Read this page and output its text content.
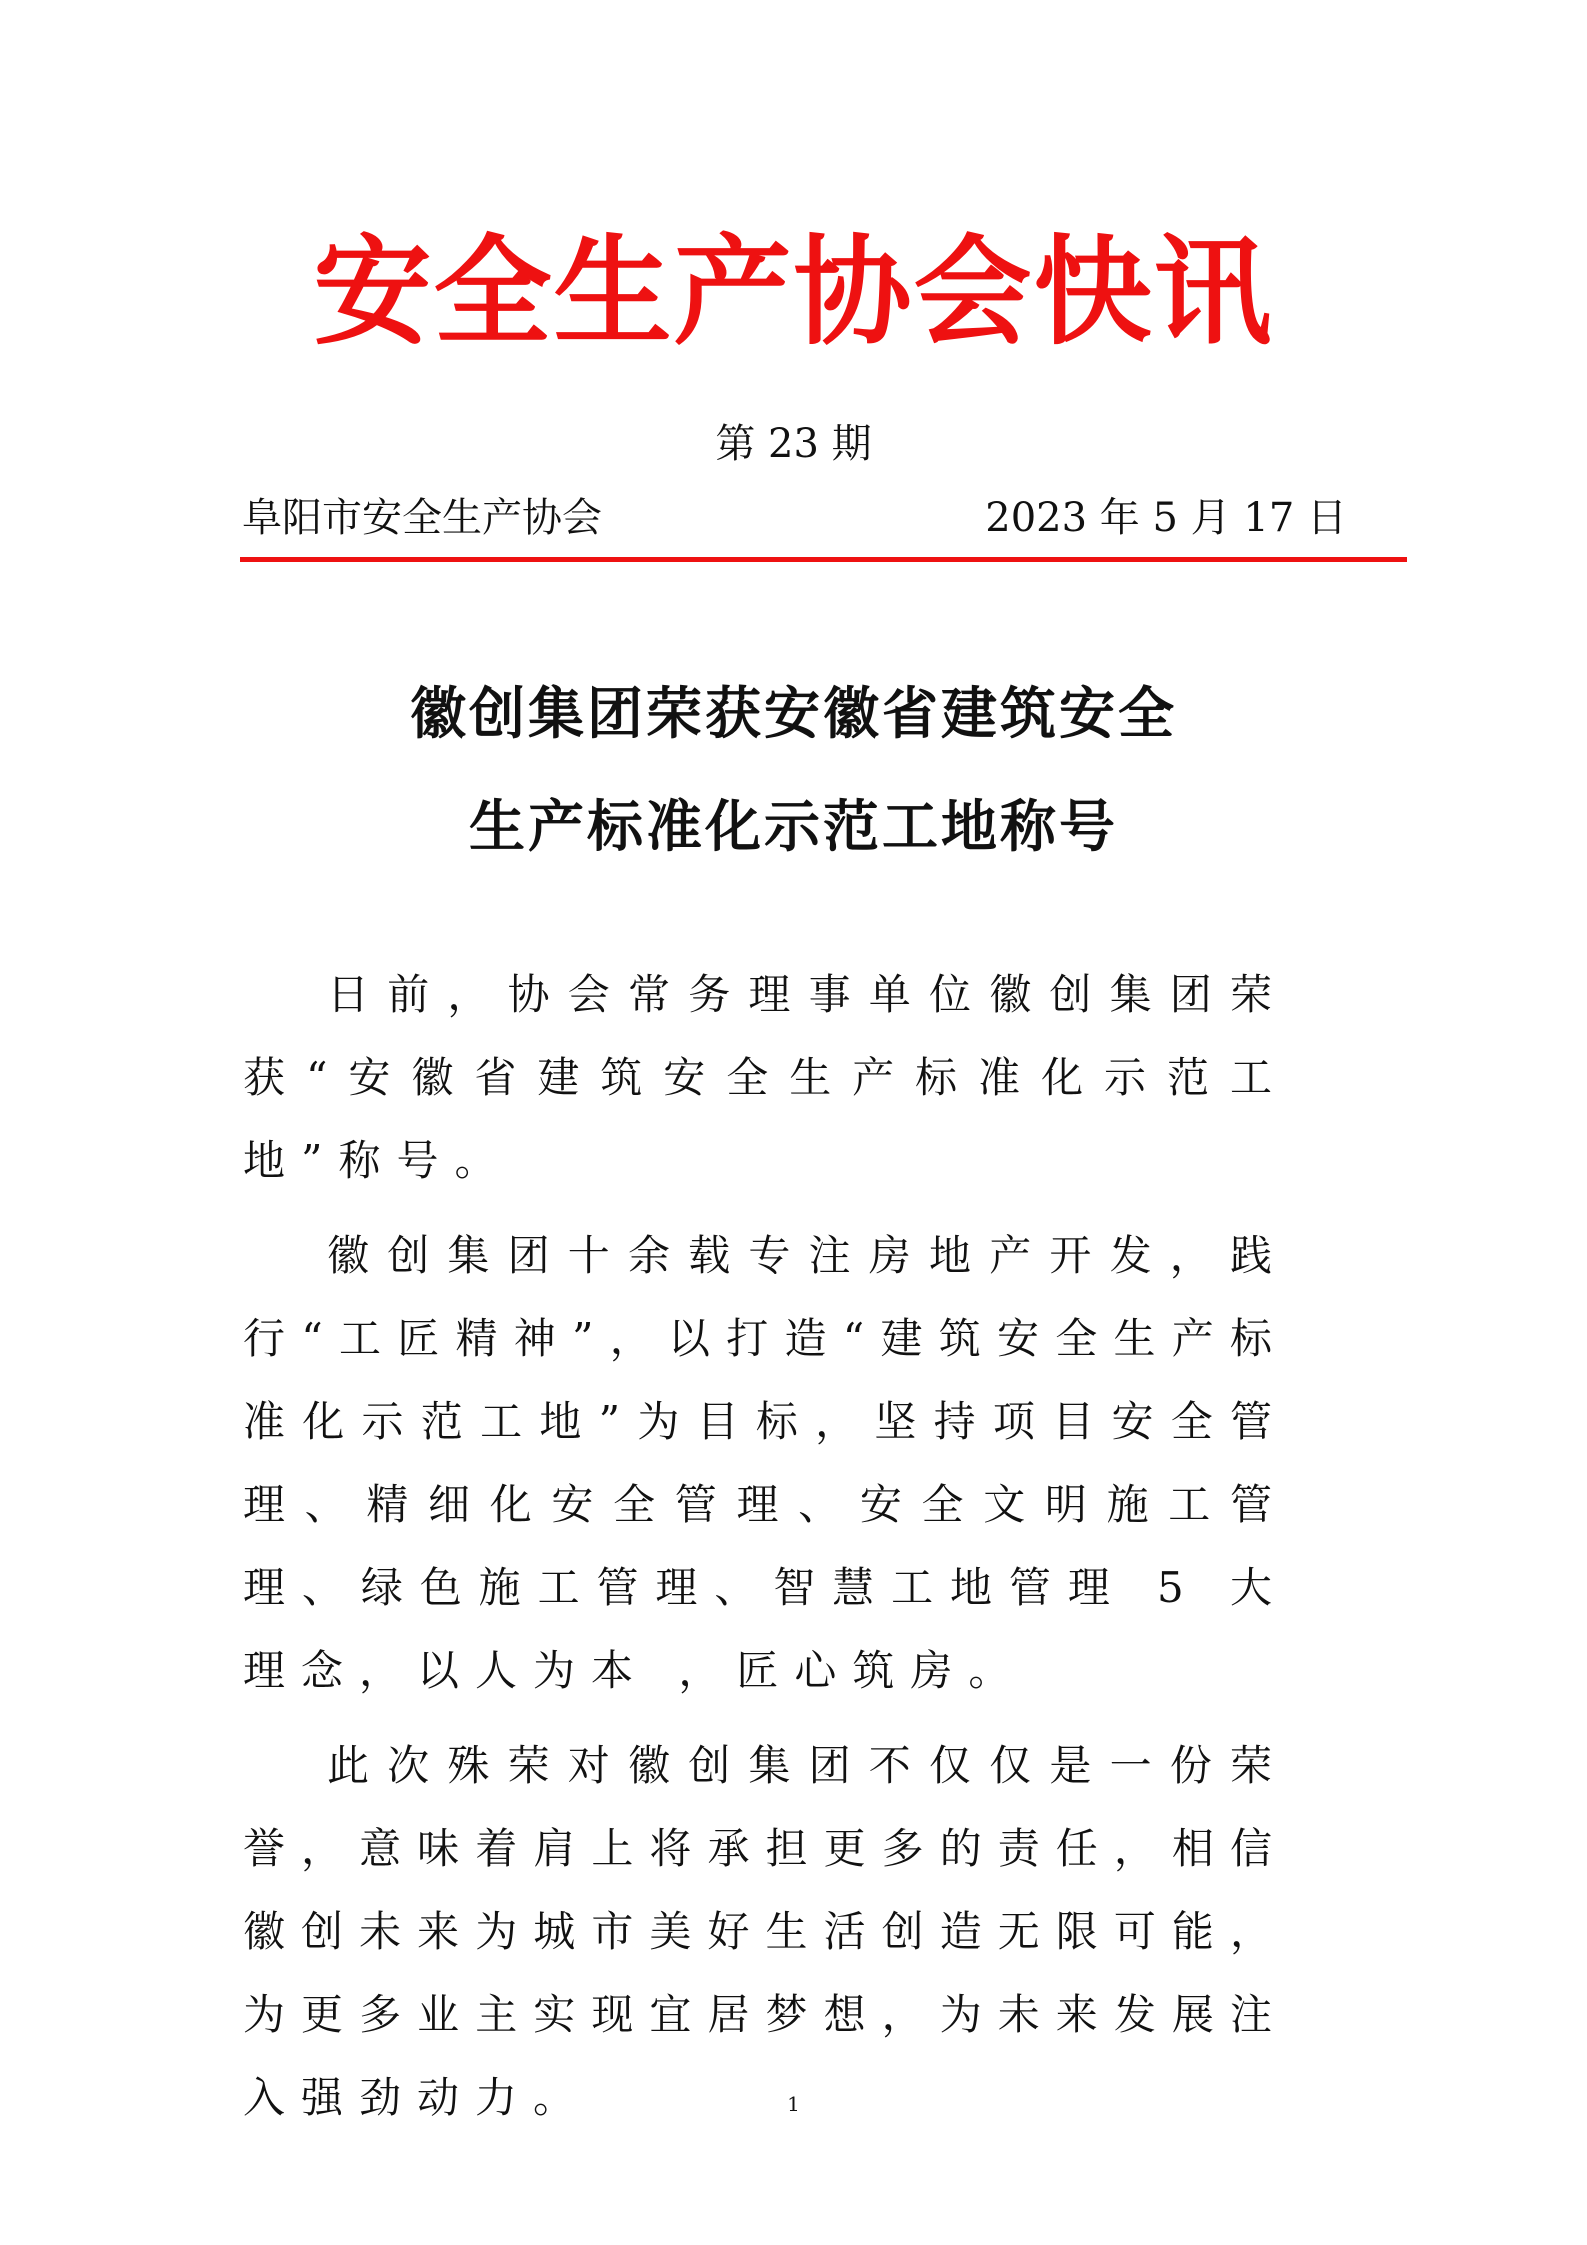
安全生产协会快讯
第 23 期
阜阳市安全生产协会	2023 年 5 月 17 日
徽创集团荣获安徽省建筑安全
生产标准化示范工地称号

日前，协会常务理事单位徽创集团荣获“安徽省建筑安全生产标准化示范工地”称号。

徽创集团十余载专注房地产开发，践行“工匠精神”，以打造“建筑安全生产标准化示范工地”为目标，坚持项目安全管理、精细化安全管理、安全文明施工管理、绿色施工管理、智慧工地管理 5 大理念，以人为本 ，匠心筑房。

此次殊荣对徽创集团不仅仅是一份荣誉，意味着肩上将承担更多的责任，相信徽创未来为城市美好生活创造无限可能，为更多业主实现宜居梦想，为未来发展注入强劲动力。	1
